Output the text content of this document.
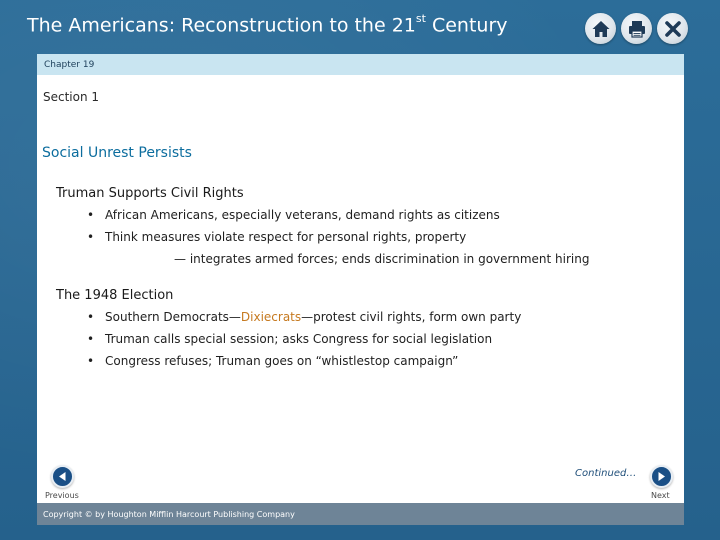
The Americans: Reconstruction to the 21st Century
Chapter 19
Section 1
Social Unrest Persists
Truman Supports Civil Rights
• African Americans, especially veterans, demand rights as citizens
• Think measures violate respect for personal rights, property
— integrates armed forces; ends discrimination in government hiring
The 1948 Election
• Southern Democrats—Dixiecrats—protest civil rights, form own party
• Truman calls special session; asks Congress for social legislation
• Congress refuses; Truman goes on “whistlestop campaign”
Continued…
Previous	Next
Copyright © by Houghton Mifflin Harcourt Publishing Company
